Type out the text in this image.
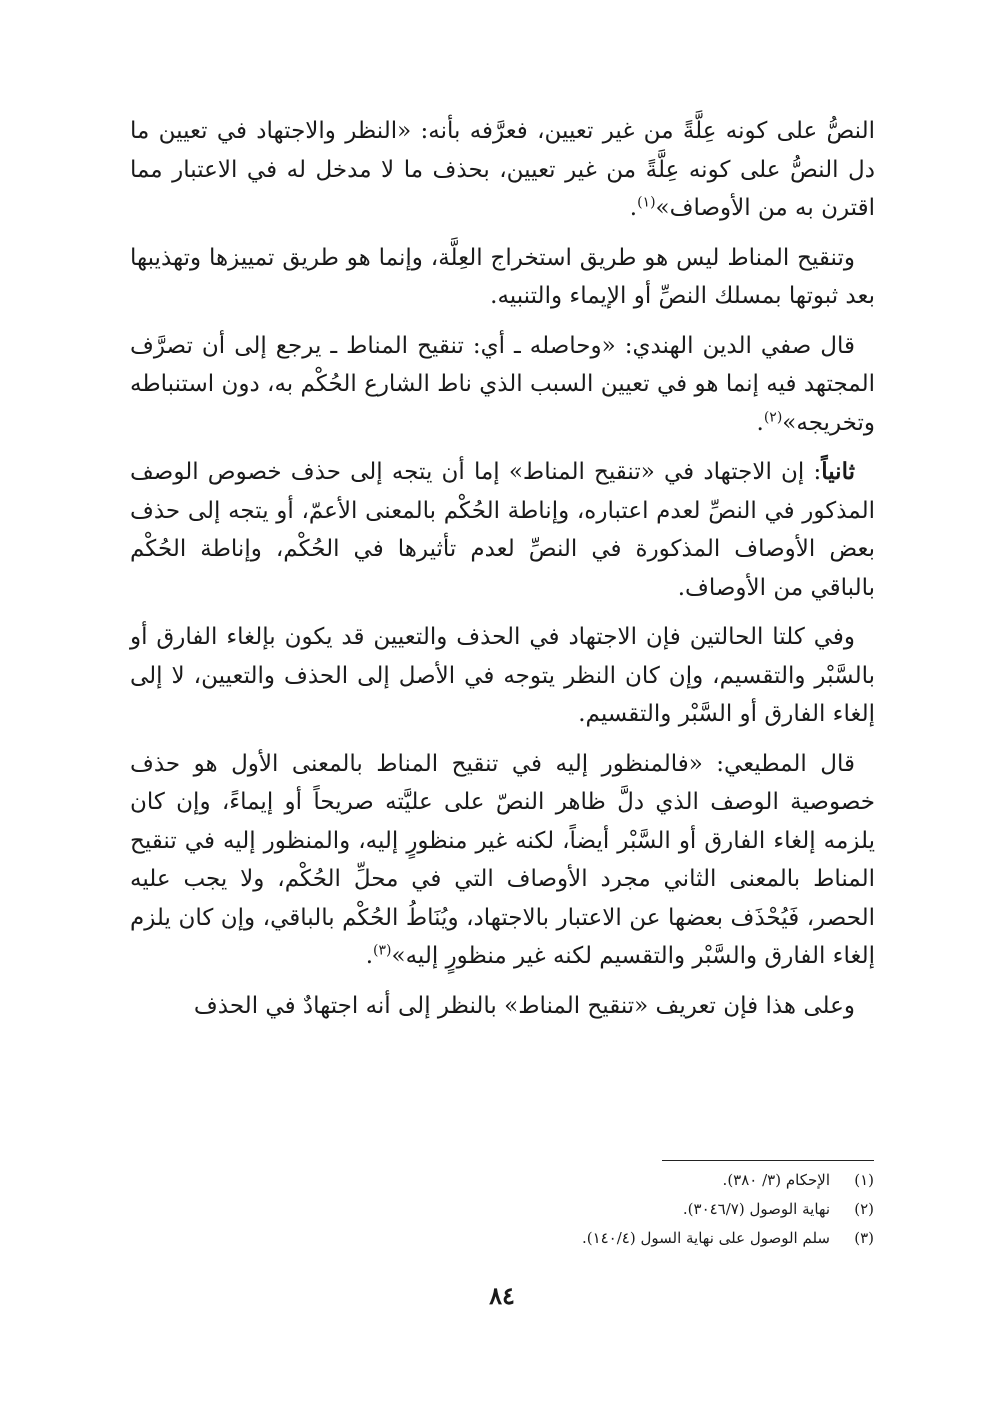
النصُّ على كونه عِلَّةً من غير تعيين، فعرَّفه بأنه: «النظر والاجتهاد في تعيين ما دل النصُّ على كونه عِلَّةً من غير تعيين، بحذف ما لا مدخل له في الاعتبار مما اقترن به من الأوصاف»$^{(١)}$.

وتنقيح المناط ليس هو طريق استخراج العِلَّة، وإنما هو طريق تمييزها وتهذيبها بعد ثبوتها بمسلك النصِّ أو الإيماء والتنبيه.

قال صفي الدين الهندي: «وحاصله ـ أي: تنقيح المناط ـ يرجع إلى أن تصرَّف المجتهد فيه إنما هو في تعيين السبب الذي ناط الشارع الحُكْم به، دون استنباطه وتخريجه»$^{(٢)}$.

ثانياً: إن الاجتهاد في «تنقيح المناط» إما أن يتجه إلى حذف خصوص الوصف المذكور في النصِّ لعدم اعتباره، وإناطة الحُكْم بالمعنى الأعمّ، أو يتجه إلى حذف بعض الأوصاف المذكورة في النصِّ لعدم تأثيرها في الحُكْم، وإناطة الحُكْم بالباقي من الأوصاف.

وفي كلتا الحالتين فإن الاجتهاد في الحذف والتعيين قد يكون بإلغاء الفارق أو بالسَّبْر والتقسيم، وإن كان النظر يتوجه في الأصل إلى الحذف والتعيين، لا إلى إلغاء الفارق أو السَّبْر والتقسيم.

قال المطيعي: «فالمنظور إليه في تنقيح المناط بالمعنى الأول هو حذف خصوصية الوصف الذي دلَّ ظاهر النصّ على عليَّته صريحاً أو إيماءً، وإن كان يلزمه إلغاء الفارق أو السَّبْر أيضاً، لكنه غير منظورٍ إليه، والمنظور إليه في تنقيح المناط بالمعنى الثاني مجرد الأوصاف التي في محلِّ الحُكْم، ولا يجب عليه الحصر، فَيُحْذَف بعضها عن الاعتبار بالاجتهاد، ويُنَاطُ الحُكْم بالباقي، وإن كان يلزم إلغاء الفارق والسَّبْر والتقسيم لكنه غير منظورٍ إليه»$^{(٣)}$.

وعلى هذا فإن تعريف «تنقيح المناط» بالنظر إلى أنه اجتهادٌ في الحذف

(١)
الإحكام (٣/ ٣٨٠).
(٢)
نهاية الوصول (٣٠٤٦/٧).
(٣)
سلم الوصول على نهاية السول (١٤٠/٤).
٨٤
